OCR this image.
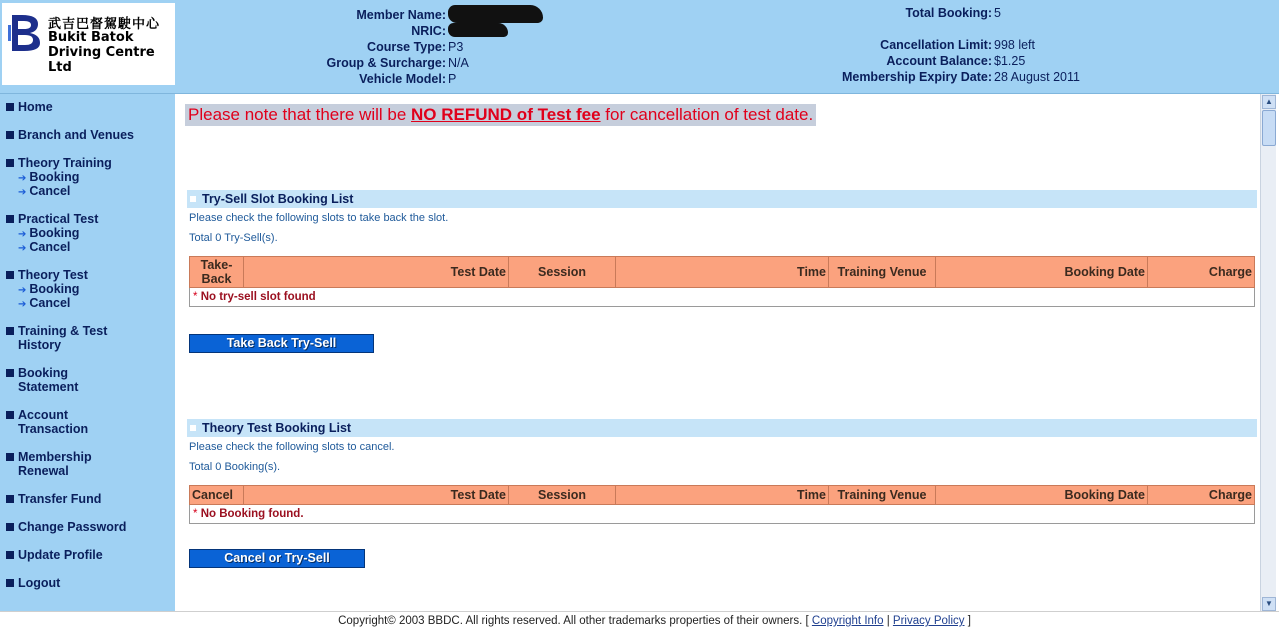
武吉巴督駕駛中心
Bukit Batok
Driving Centre
Ltd
Member Name:
NRIC:
Course Type: P3
Group & Surcharge: N/A
Vehicle Model: P
Total Booking: 5
Cancellation Limit: 998 left
Account Balance: $1.25
Membership Expiry Date: 28 August 2011
Home
Branch and Venues
Theory Training
➔ Booking
➔ Cancel
Practical Test
➔ Booking
➔ Cancel
Theory Test
➔ Booking
➔ Cancel
Training & Test
History
Booking
Statement
Account
Transaction
Membership
Renewal
Transfer Fund
Change Password
Update Profile
Logout
Please note that there will be NO REFUND of Test fee for cancellation of test date.
Try-Sell Slot Booking List
Please check the following slots to take back the slot.
Total 0 Try-Sell(s).
Take-
Back	Test Date	Session	Time	Training Venue	Booking Date	Charge
* No try-sell slot found
Take Back Try-Sell
Theory Test Booking List
Please check the following slots to cancel.
Total 0 Booking(s).
Cancel	Test Date	Session	Time	Training Venue	Booking Date	Charge
* No Booking found.
Cancel or Try-Sell
▲
▼
Copyright© 2003 BBDC. All rights reserved. All other trademarks properties of their owners. [ Copyright Info | Privacy Policy ]
